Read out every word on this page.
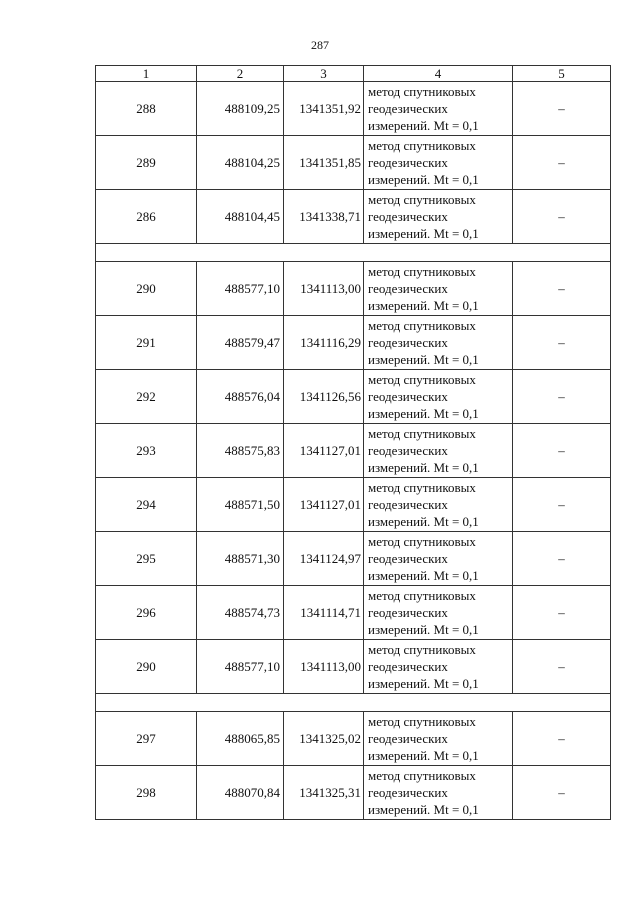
287
1	2	3	4	5
288	488109,25	1341351,92	метод спутниковых
геодезических
измерений. Mt = 0,1	–
289	488104,25	1341351,85	метод спутниковых
геодезических
измерений. Mt = 0,1	–
286	488104,45	1341338,71	метод спутниковых
геодезических
измерений. Mt = 0,1	–

290	488577,10	1341113,00	метод спутниковых
геодезических
измерений. Mt = 0,1	–
291	488579,47	1341116,29	метод спутниковых
геодезических
измерений. Mt = 0,1	–
292	488576,04	1341126,56	метод спутниковых
геодезических
измерений. Mt = 0,1	–
293	488575,83	1341127,01	метод спутниковых
геодезических
измерений. Mt = 0,1	–
294	488571,50	1341127,01	метод спутниковых
геодезических
измерений. Mt = 0,1	–
295	488571,30	1341124,97	метод спутниковых
геодезических
измерений. Mt = 0,1	–
296	488574,73	1341114,71	метод спутниковых
геодезических
измерений. Mt = 0,1	–
290	488577,10	1341113,00	метод спутниковых
геодезических
измерений. Mt = 0,1	–

297	488065,85	1341325,02	метод спутниковых
геодезических
измерений. Mt = 0,1	–
298	488070,84	1341325,31	метод спутниковых
геодезических
измерений. Mt = 0,1	–
